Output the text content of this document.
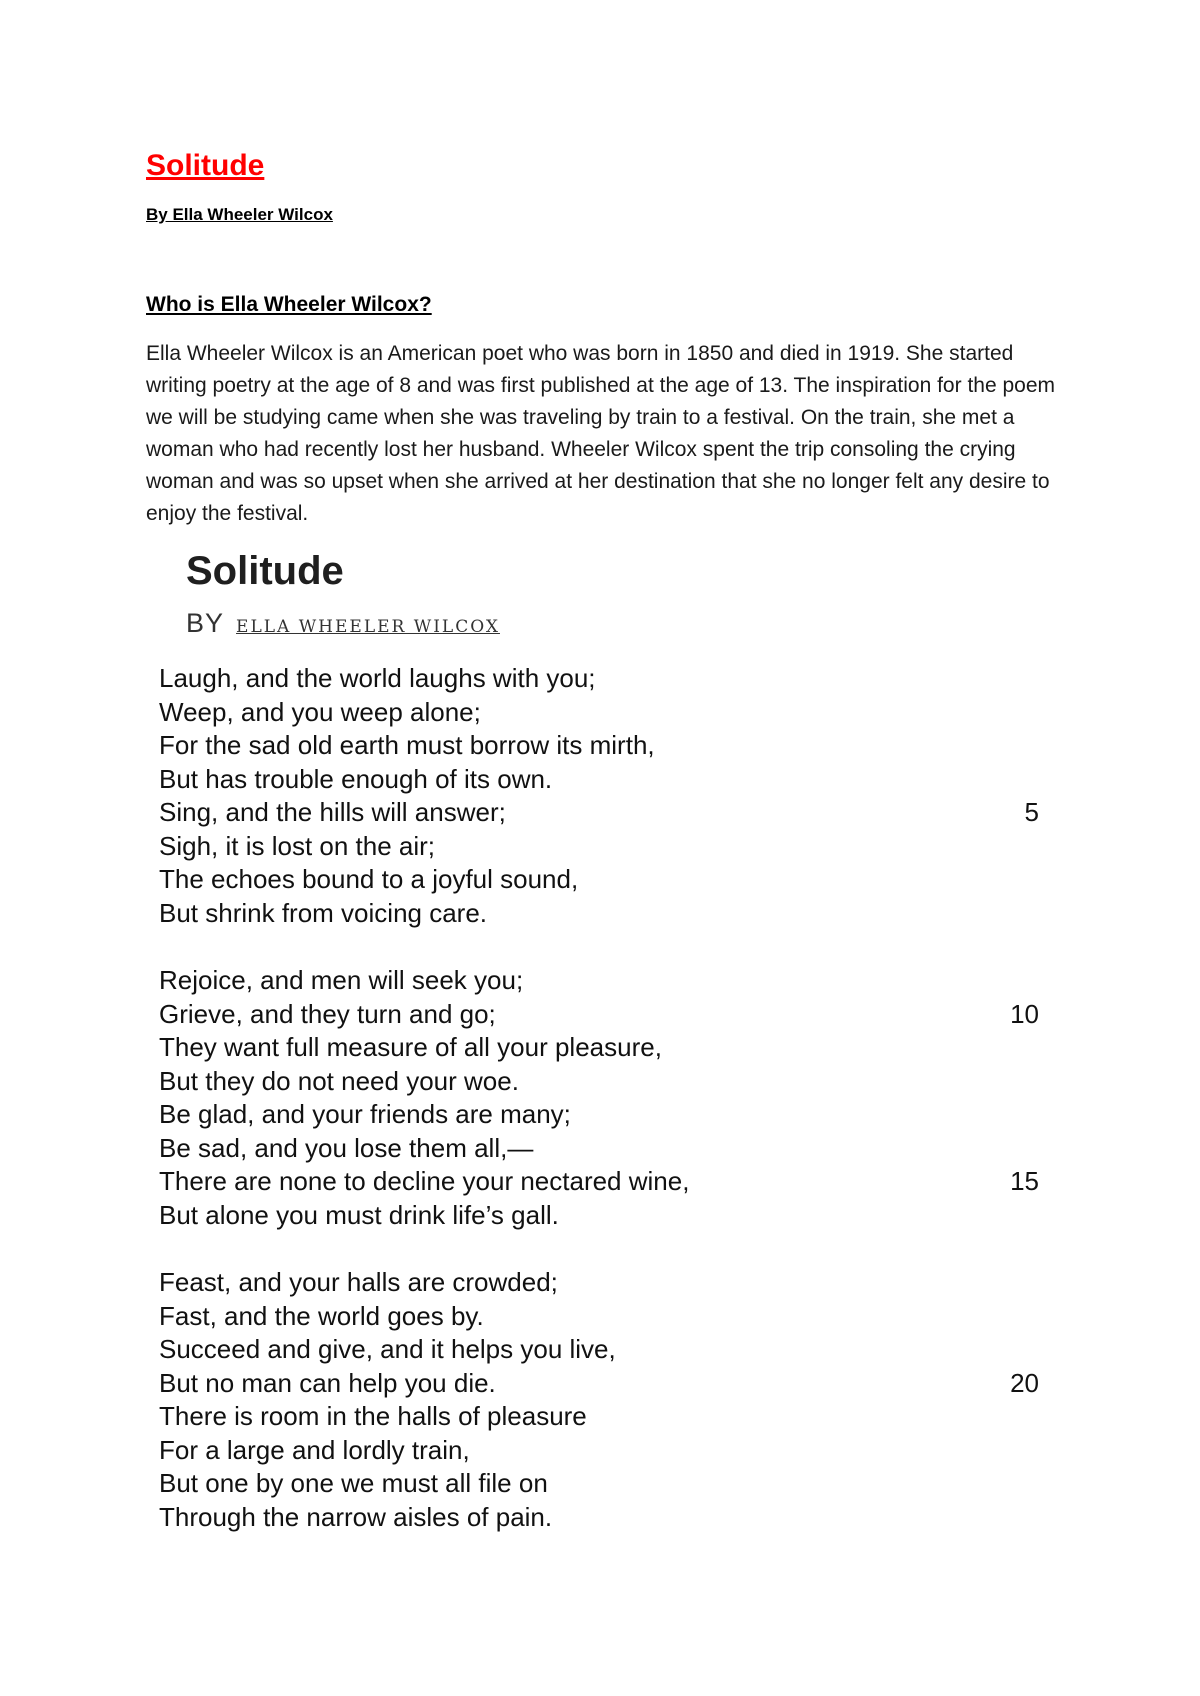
Solitude
By Ella Wheeler Wilcox
Who is Ella Wheeler Wilcox?

Ella Wheeler Wilcox is an American poet who was born in 1850 and died in 1919. She started writing poetry at the age of 8 and was first published at the age of 13. The inspiration for the poem we will be studying came when she was traveling by train to a festival. On the train, she met a woman who had recently lost her husband. Wheeler Wilcox spent the trip consoling the crying woman and was so upset when she arrived at her destination that she no longer felt any desire to enjoy the festival.

Solitude
BY ELLA WHEELER WILCOX
Laugh, and the world laughs with you;
Weep, and you weep alone;
For the sad old earth must borrow its mirth,
But has trouble enough of its own.
Sing, and the hills will answer;	5
Sigh, it is lost on the air;
The echoes bound to a joyful sound,
But shrink from voicing care.
Rejoice, and men will seek you;
Grieve, and they turn and go;	10
They want full measure of all your pleasure,
But they do not need your woe.
Be glad, and your friends are many;
Be sad, and you lose them all,—
There are none to decline your nectared wine,	15
But alone you must drink life’s gall.
Feast, and your halls are crowded;
Fast, and the world goes by.
Succeed and give, and it helps you live,
But no man can help you die.	20
There is room in the halls of pleasure
For a large and lordly train,
But one by one we must all file on
Through the narrow aisles of pain.
